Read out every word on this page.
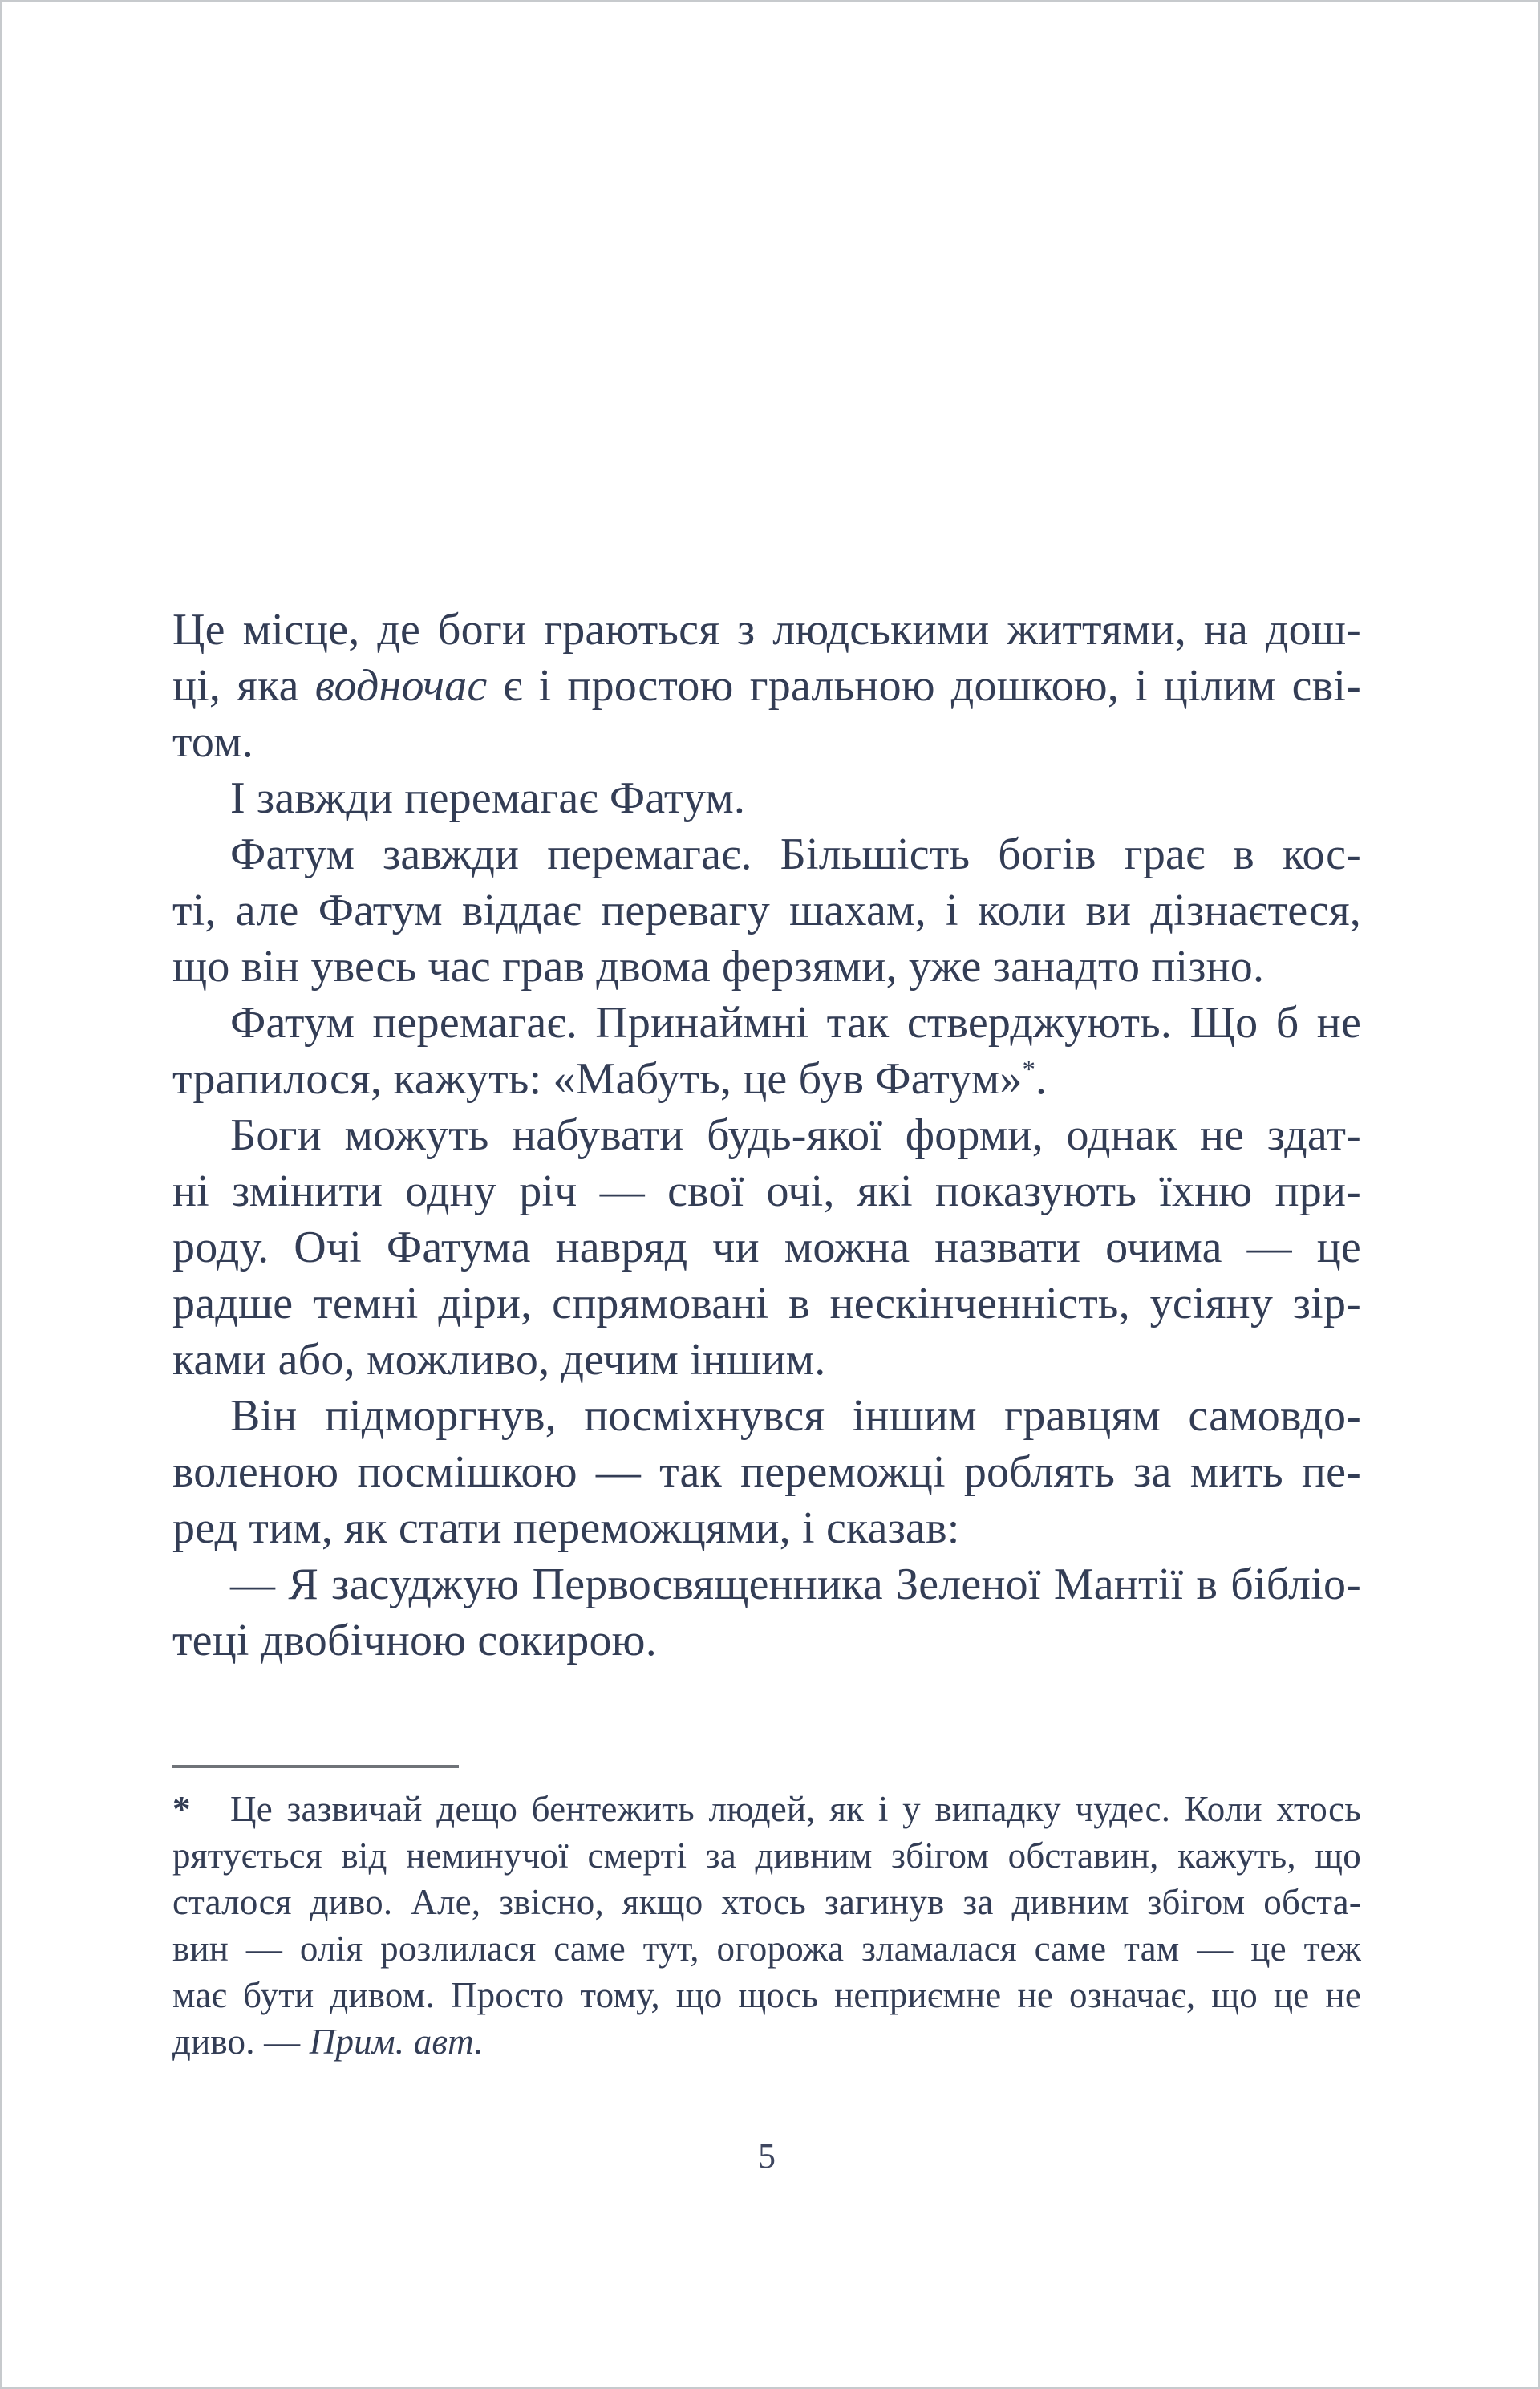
Це місце, де боги граються з людськими життями, на дош-
ці, яка водночас є і простою гральною дошкою, і цілим сві-
том.
І завжди перемагає Фатум.
Фатум завжди перемагає. Більшість богів грає в кос-
ті, але Фатум віддає перевагу шахам, і коли ви дізнаєтеся,
що він увесь час грав двома ферзями, уже занадто пізно.
Фатум перемагає. Принаймні так стверджують. Що б не
трапилося, кажуть: «Мабуть, це був Фатум»*.
Боги можуть набувати будь-якої форми, однак не здат-
ні змінити одну річ — свої очі, які показують їхню при-
роду. Очі Фатума навряд чи можна назвати очима — це
радше темні діри, спрямовані в нескінченність, усіяну зір-
ками або, можливо, дечим іншим.
Він підморгнув, посміхнувся іншим гравцям самовдо-
воленою посмішкою — так переможці роблять за мить пе-
ред тим, як стати переможцями, і сказав:
— Я засуджую Первосвященника Зеленої Мантії в бібліо-
теці двобічною сокирою.
* Це зазвичай дещо бентежить людей, як і у випадку чудес. Коли хтось
рятується від неминучої смерті за дивним збігом обставин, кажуть, що
сталося диво. Але, звісно, якщо хтось загинув за дивним збігом обста-
вин — олія розлилася саме тут, огорожа зламалася саме там — це теж
має бути дивом. Просто тому, що щось неприємне не означає, що це не
диво. — Прим. авт.
5
